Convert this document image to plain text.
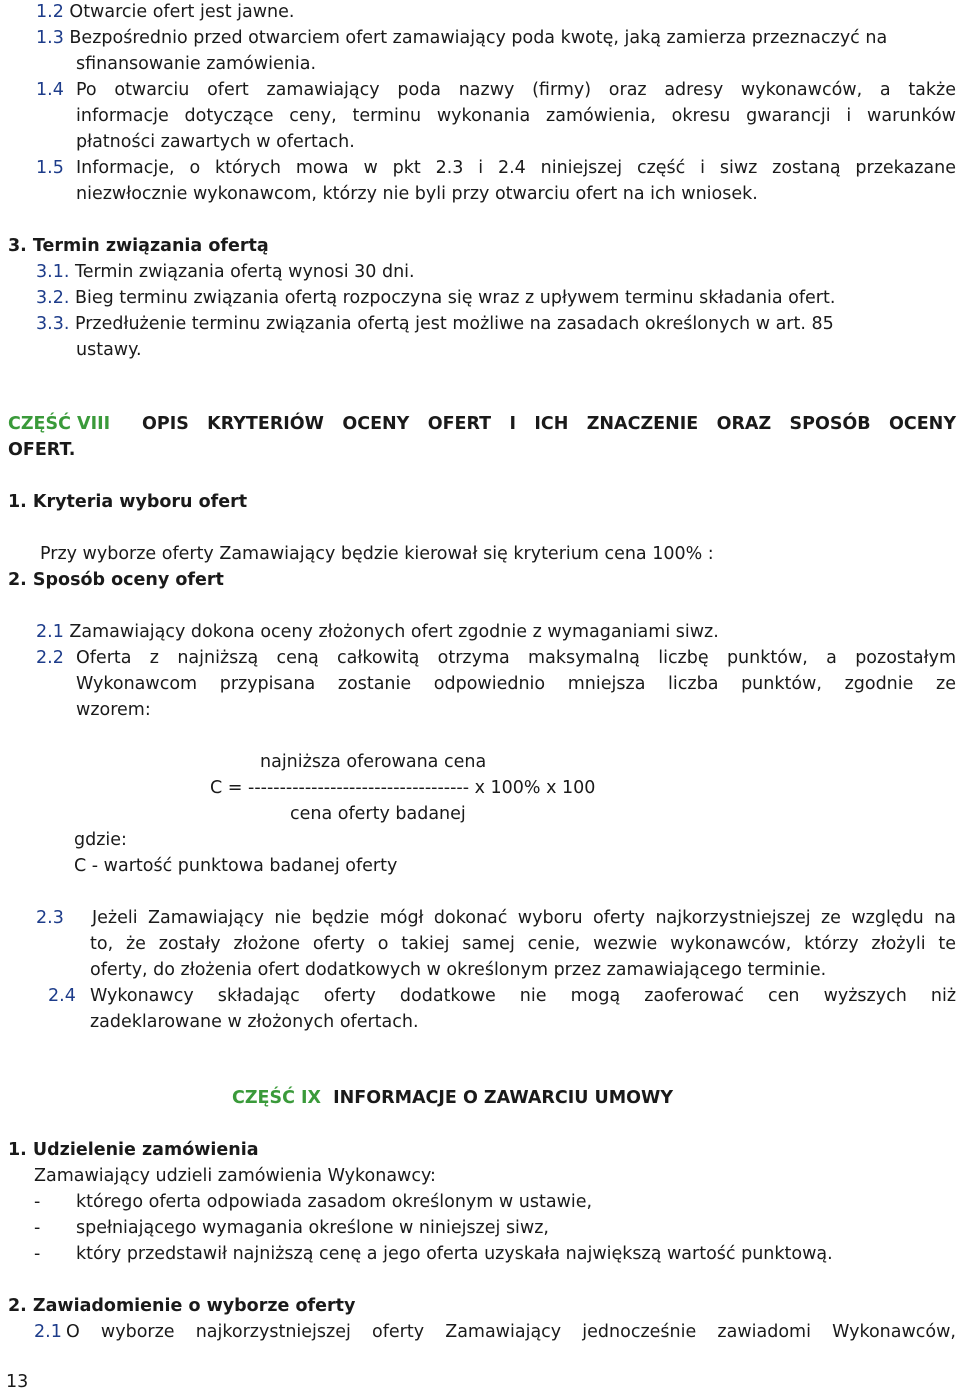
1.2 Otwarcie ofert jest jawne.
1.3 Bezpośrednio przed otwarciem ofert zamawiający poda kwotę, jaką zamierza przeznaczyć na
sfinansowanie zamówienia.
1.4 Po otwarciu ofert zamawiający poda nazwy (firmy) oraz adresy wykonawców, a także
informacje dotyczące ceny, terminu wykonania zamówienia, okresu gwarancji i warunków
płatności zawartych w ofertach.
1.5 Informacje, o których mowa w pkt 2.3 i 2.4 niniejszej część i siwz zostaną przekazane
niezwłocznie wykonawcom, którzy nie byli przy otwarciu ofert na ich wniosek.
3. Termin związania ofertą
3.1. Termin związania ofertą wynosi 30 dni.
3.2. Bieg terminu związania ofertą rozpoczyna się wraz z upływem terminu składania ofert.
3.3. Przedłużenie terminu związania ofertą jest możliwe na zasadach określonych w art. 85
ustawy.
CZĘŚĆ VIII OPIS KRYTERIÓW OCENY OFERT I ICH ZNACZENIE ORAZ SPOSÓB OCENY
OFERT.
1. Kryteria wyboru ofert
Przy wyborze oferty Zamawiający będzie kierował się kryterium cena 100% :
2. Sposób oceny ofert
2.1 Zamawiający dokona oceny złożonych ofert zgodnie z wymaganiami siwz.
2.2 Oferta z najniższą ceną całkowitą otrzyma maksymalną liczbę punktów, a pozostałym
Wykonawcom przypisana zostanie odpowiednio mniejsza liczba punktów, zgodnie ze
wzorem:
najniższa oferowana cena
C = ----------------------------------- x 100% x 100
cena oferty badanej
gdzie:
C - wartość punktowa badanej oferty
2.3 Jeżeli Zamawiający nie będzie mógł dokonać wyboru oferty najkorzystniejszej ze względu na
to, że zostały złożone oferty o takiej samej cenie, wezwie wykonawców, którzy złożyli te
oferty, do złożenia ofert dodatkowych w określonym przez zamawiającego terminie.
2.4 Wykonawcy składając oferty dodatkowe nie mogą zaoferować cen wyższych niż
zadeklarowane w złożonych ofertach.
CZĘŚĆ IX INFORMACJE O ZAWARCIU UMOWY
1. Udzielenie zamówienia
Zamawiający udzieli zamówienia Wykonawcy:
- którego oferta odpowiada zasadom określonym w ustawie,
- spełniającego wymagania określone w niniejszej siwz,
- który przedstawił najniższą cenę a jego oferta uzyskała największą wartość punktową.
2. Zawiadomienie o wyborze oferty
2.1 O wyborze najkorzystniejszej oferty Zamawiający jednocześnie zawiadomi Wykonawców,
13
